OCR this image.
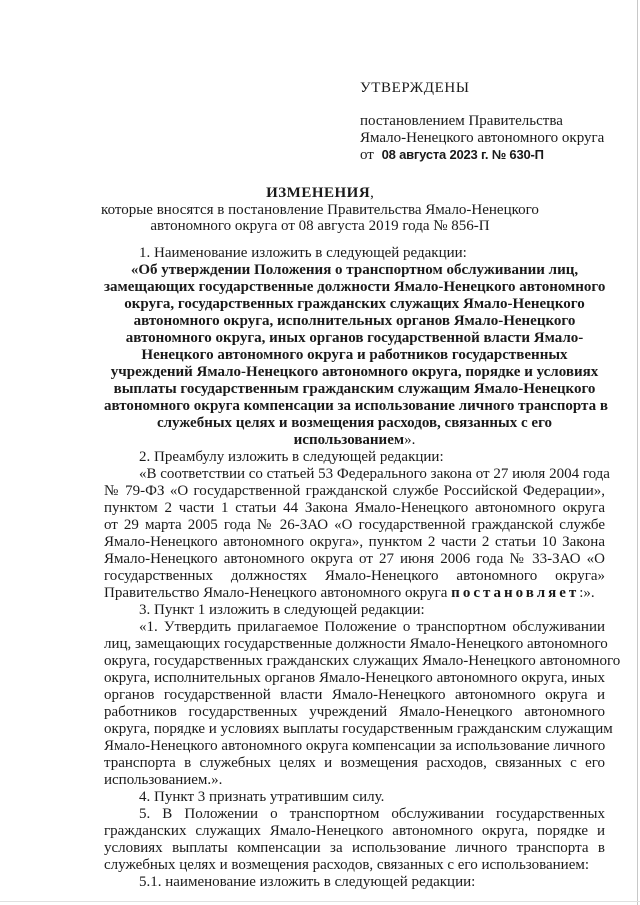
УТВЕРЖДЕНЫ
постановлением Правительства
Ямало-Ненецкого автономного округа
от 08 августа 2023 г. № 630-П
ИЗМЕНЕНИЯ,
которые вносятся в постановление Правительства Ямало-Ненецкого
автономного округа от 08 августа 2019 года № 856-П
1. Наименование изложить в следующей редакции:
«Об утверждении Положения о транспортном обслуживании лиц,
замещающих государственные должности Ямало-Ненецкого автономного
округа, государственных гражданских служащих Ямало-Ненецкого
автономного округа, исполнительных органов Ямало-Ненецкого
автономного округа, иных органов государственной власти Ямало-
Ненецкого автономного округа и работников государственных
учреждений Ямало-Ненецкого автономного округа, порядке и условиях
выплаты государственным гражданским служащим Ямало-Ненецкого
автономного округа компенсации за использование личного транспорта в
служебных целях и возмещения расходов, связанных с его
использованием».
2. Преамбулу изложить в следующей редакции:
«В соответствии со статьей 53 Федерального закона от 27 июля 2004 года
№ 79-ФЗ «О государственной гражданской службе Российской Федерации»,
пунктом 2 части 1 статьи 44 Закона Ямало-Ненецкого автономного округа
от 29 марта 2005 года № 26-ЗАО «О государственной гражданской службе
Ямало-Ненецкого автономного округа», пунктом 2 части 2 статьи 10 Закона
Ямало-Ненецкого автономного округа от 27 июня 2006 года № 33-ЗАО «О
государственных должностях Ямало-Ненецкого автономного округа»
Правительство Ямало-Ненецкого автономного округа постановляет:».
3. Пункт 1 изложить в следующей редакции:
«1. Утвердить прилагаемое Положение о транспортном обслуживании
лиц, замещающих государственные должности Ямало-Ненецкого автономного
округа, государственных гражданских служащих Ямало-Ненецкого автономного
округа, исполнительных органов Ямало-Ненецкого автономного округа, иных
органов государственной власти Ямало-Ненецкого автономного округа и
работников государственных учреждений Ямало-Ненецкого автономного
округа, порядке и условиях выплаты государственным гражданским служащим
Ямало-Ненецкого автономного округа компенсации за использование личного
транспорта в служебных целях и возмещения расходов, связанных с его
использованием.».
4. Пункт 3 признать утратившим силу.
5. В Положении о транспортном обслуживании государственных
гражданских служащих Ямало-Ненецкого автономного округа, порядке и
условиях выплаты компенсации за использование личного транспорта в
служебных целях и возмещения расходов, связанных с его использованием:
5.1. наименование изложить в следующей редакции:
